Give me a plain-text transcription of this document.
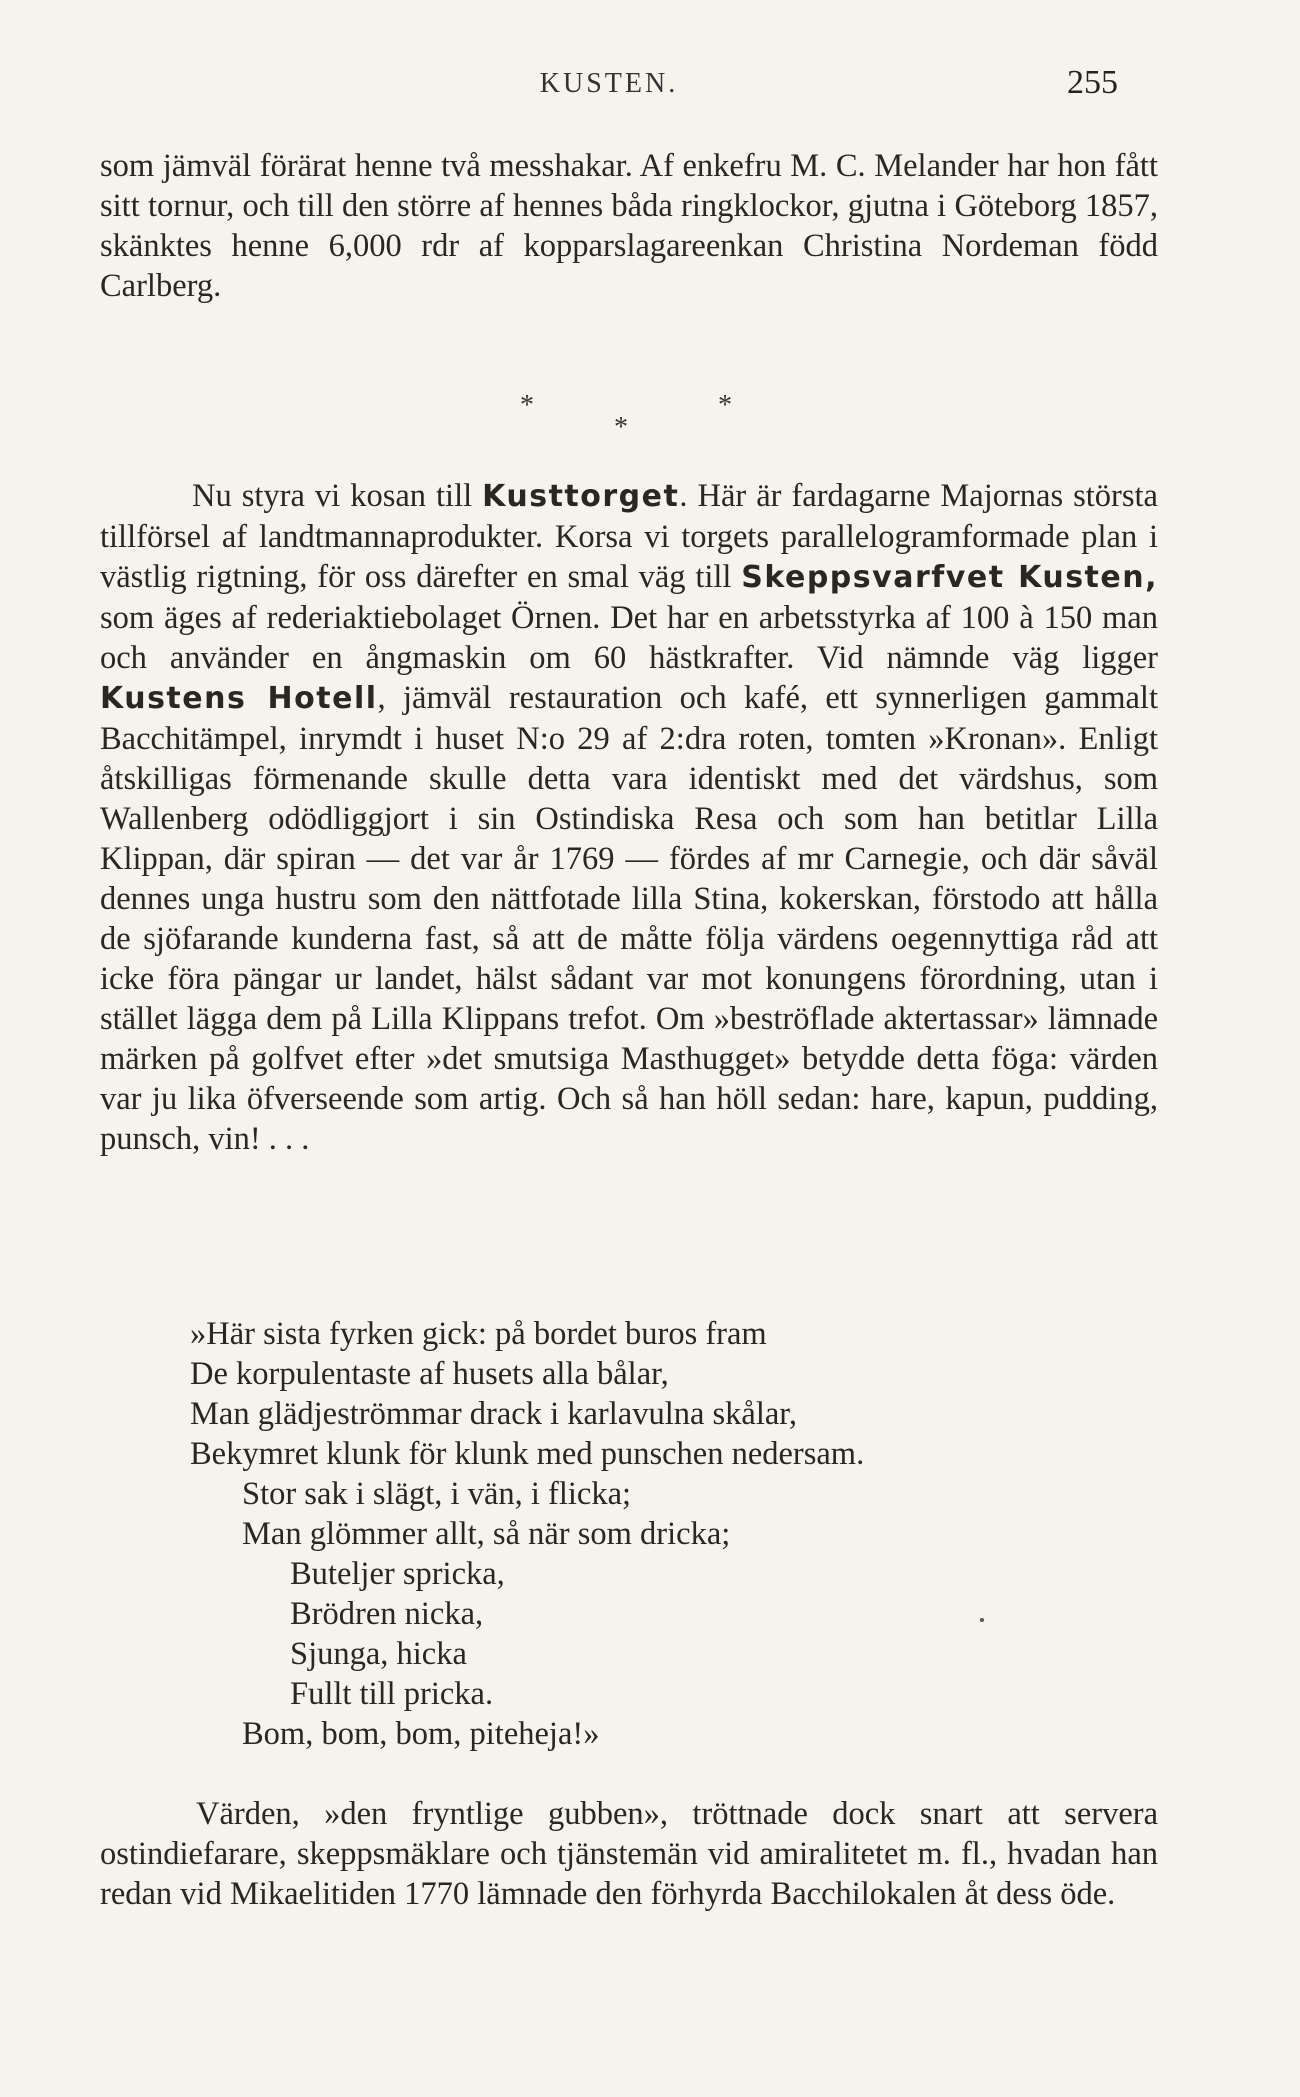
KUSTEN.	255

som jämväl förärat henne två messhakar. Af enkefru M. C. Melander har hon fått sitt tornur, och till den större af hennes båda ringklockor, gjutna i Göteborg 1857, skänktes henne 6,000 rdr af kopparslagareenkan Christina Nordeman född Carlberg.

*	*
*

Nu styra vi kosan till Kusttorget. Här är fardagarne Majornas största tillförsel af landtmannaprodukter. Korsa vi torgets parallelogramformade plan i västlig rigtning, för oss därefter en smal väg till Skeppsvarfvet Kusten, som äges af rederiaktiebolaget Örnen. Det har en arbetsstyrka af 100 à 150 man och använder en ångmaskin om 60 hästkrafter. Vid nämnde väg ligger Kustens Hotell, jämväl restauration och kafé, ett synnerligen gammalt Bacchitämpel, inrymdt i huset N:o 29 af 2:dra roten, tomten »Kronan». Enligt åtskilligas förmenande skulle detta vara identiskt med det värdshus, som Wallenberg odödliggjort i sin Ostindiska Resa och som han betitlar Lilla Klippan, där spiran — det var år 1769 — fördes af mr Carnegie, och där såväl dennes unga hustru som den nättfotade lilla Stina, kokerskan, förstodo att hålla de sjöfarande kunderna fast, så att de måtte följa värdens oegennyttiga råd att icke föra pängar ur landet, hälst sådant var mot konungens förordning, utan i stället lägga dem på Lilla Klippans trefot. Om »beströflade aktertassar» lämnade märken på golfvet efter »det smutsiga Masthugget» betydde detta föga: värden var ju lika öfverseende som artig. Och så han höll sedan: hare, kapun, pudding, punsch, vin! . . .

»Här sista fyrken gick: på bordet buros fram
De korpulentaste af husets alla bålar,
Man glädjeströmmar drack i karlavulna skålar,
Bekymret klunk för klunk med punschen nedersam.
Stor sak i slägt, i vän, i flicka;
Man glömmer allt, så när som dricka;
Buteljer spricka,
Brödren nicka,
Sjunga, hicka
Fullt till pricka.
Bom, bom, bom, piteheja!»

Värden, »den fryntlige gubben», tröttnade dock snart att servera ostindiefarare, skeppsmäklare och tjänstemän vid amiralitetet m. fl., hvadan han redan vid Mikaelitiden 1770 lämnade den förhyrda Bacchilokalen åt dess öde.
